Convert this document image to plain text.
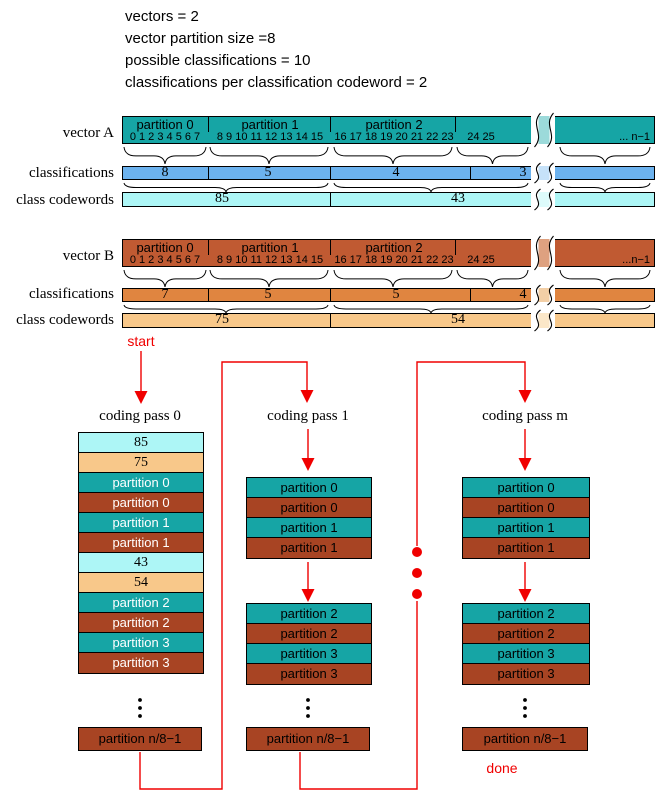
vectors = 2
vector partition size =8
possible classifications = 10
classifications per classification codeword = 2
vector A
classifications
class codewords
vector B
classifications
class codewords
start
done
coding pass 0	coding pass 1	coding pass m
partition 0	partition 1	partition 2
0 1 2 3 4 5 6 7 8 9 10 11 12 13 14 15 16 17 18 19 20 21 22 23 24 25	... n−1
8	5	4	3
85	43
partition 0	partition 1	partition 2
0 1 2 3 4 5 6 7 8 9 10 11 12 13 14 15 16 17 18 19 20 21 22 23 24 25	...n−1
7	5	5	4
75	54
85
75
partition 0
partition 0
partition 1
partition 1
43
54
partition 2
partition 2
partition 3
partition 3
partition n/8−1
partition 0
partition 0
partition 1
partition 1
partition 2
partition 2
partition 3
partition 3
partition n/8−1
partition 0
partition 0
partition 1
partition 1
partition 2
partition 2
partition 3
partition 3
partition n/8−1
